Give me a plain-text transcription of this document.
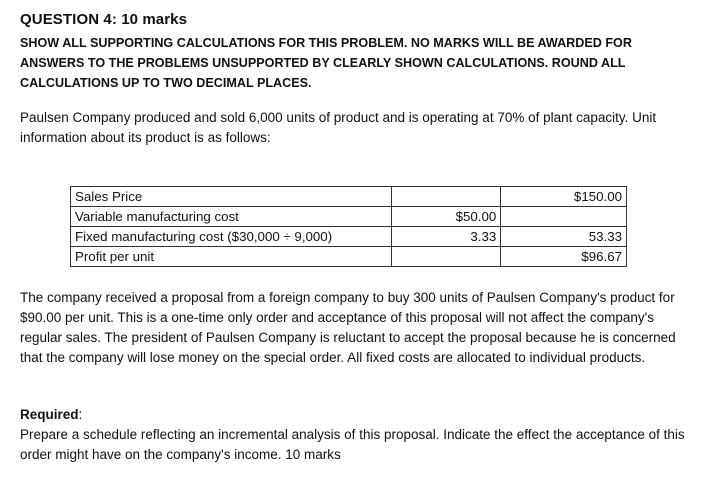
QUESTION 4: 10 marks
SHOW ALL SUPPORTING CALCULATIONS FOR THIS PROBLEM. NO MARKS WILL BE AWARDED FOR ANSWERS TO THE PROBLEMS UNSUPPORTED BY CLEARLY SHOWN CALCULATIONS. ROUND ALL CALCULATIONS UP TO TWO DECIMAL PLACES.
Paulsen Company produced and sold 6,000 units of product and is operating at 70% of plant capacity. Unit information about its product is as follows:
Sales Price		$150.00
Variable manufacturing cost	$50.00	
Fixed manufacturing cost ($30,000 ÷ 9,000)	3.33	53.33
Profit per unit		$96.67
The company received a proposal from a foreign company to buy 300 units of Paulsen Company's product for $90.00 per unit. This is a one-time only order and acceptance of this proposal will not affect the company's regular sales. The president of Paulsen Company is reluctant to accept the proposal because he is concerned that the company will lose money on the special order. All fixed costs are allocated to individual products.
Required:
Prepare a schedule reflecting an incremental analysis of this proposal. Indicate the effect the acceptance of this order might have on the company's income. 10 marks
